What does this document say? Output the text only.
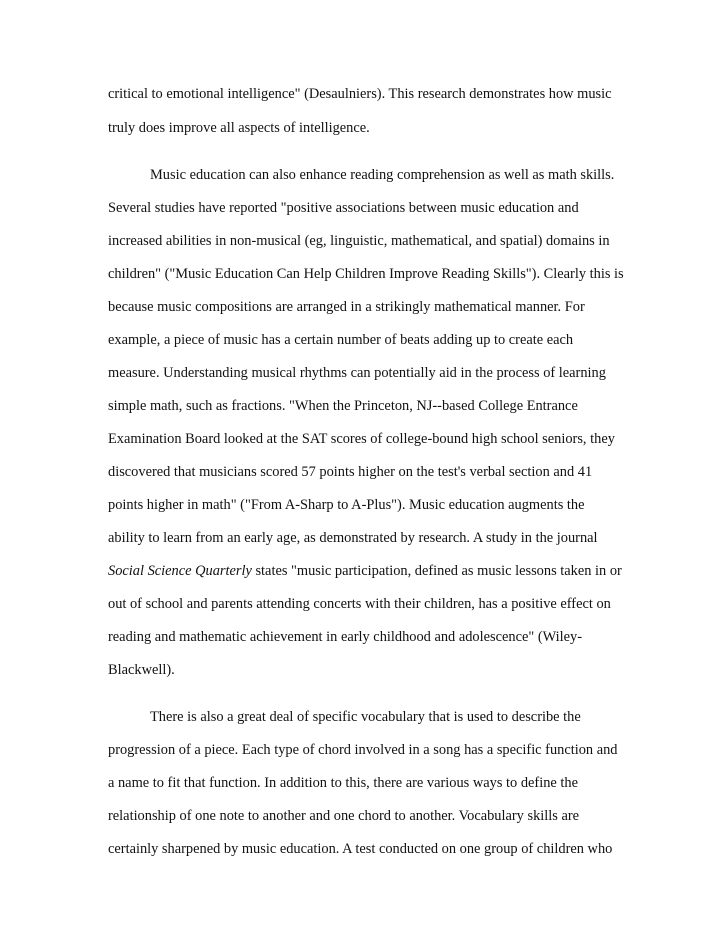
critical to emotional intelligence" (Desaulniers). This research demonstrates how music
truly does improve all aspects of intelligence.
Music education can also enhance reading comprehension as well as math skills.
Several studies have reported "positive associations between music education and
increased abilities in non-musical (eg, linguistic, mathematical, and spatial) domains in
children" ("Music Education Can Help Children Improve Reading Skills"). Clearly this is
because music compositions are arranged in a strikingly mathematical manner. For
example, a piece of music has a certain number of beats adding up to create each
measure. Understanding musical rhythms can potentially aid in the process of learning
simple math, such as fractions. "When the Princeton, NJ--based College Entrance
Examination Board looked at the SAT scores of college-bound high school seniors, they
discovered that musicians scored 57 points higher on the test's verbal section and 41
points higher in math" ("From A-Sharp to A-Plus"). Music education augments the
ability to learn from an early age, as demonstrated by research. A study in the journal
Social Science Quarterly states "music participation, defined as music lessons taken in or
out of school and parents attending concerts with their children, has a positive effect on
reading and mathematic achievement in early childhood and adolescence" (Wiley-
Blackwell).
There is also a great deal of specific vocabulary that is used to describe the
progression of a piece. Each type of chord involved in a song has a specific function and
a name to fit that function. In addition to this, there are various ways to define the
relationship of one note to another and one chord to another. Vocabulary skills are
certainly sharpened by music education. A test conducted on one group of children who
